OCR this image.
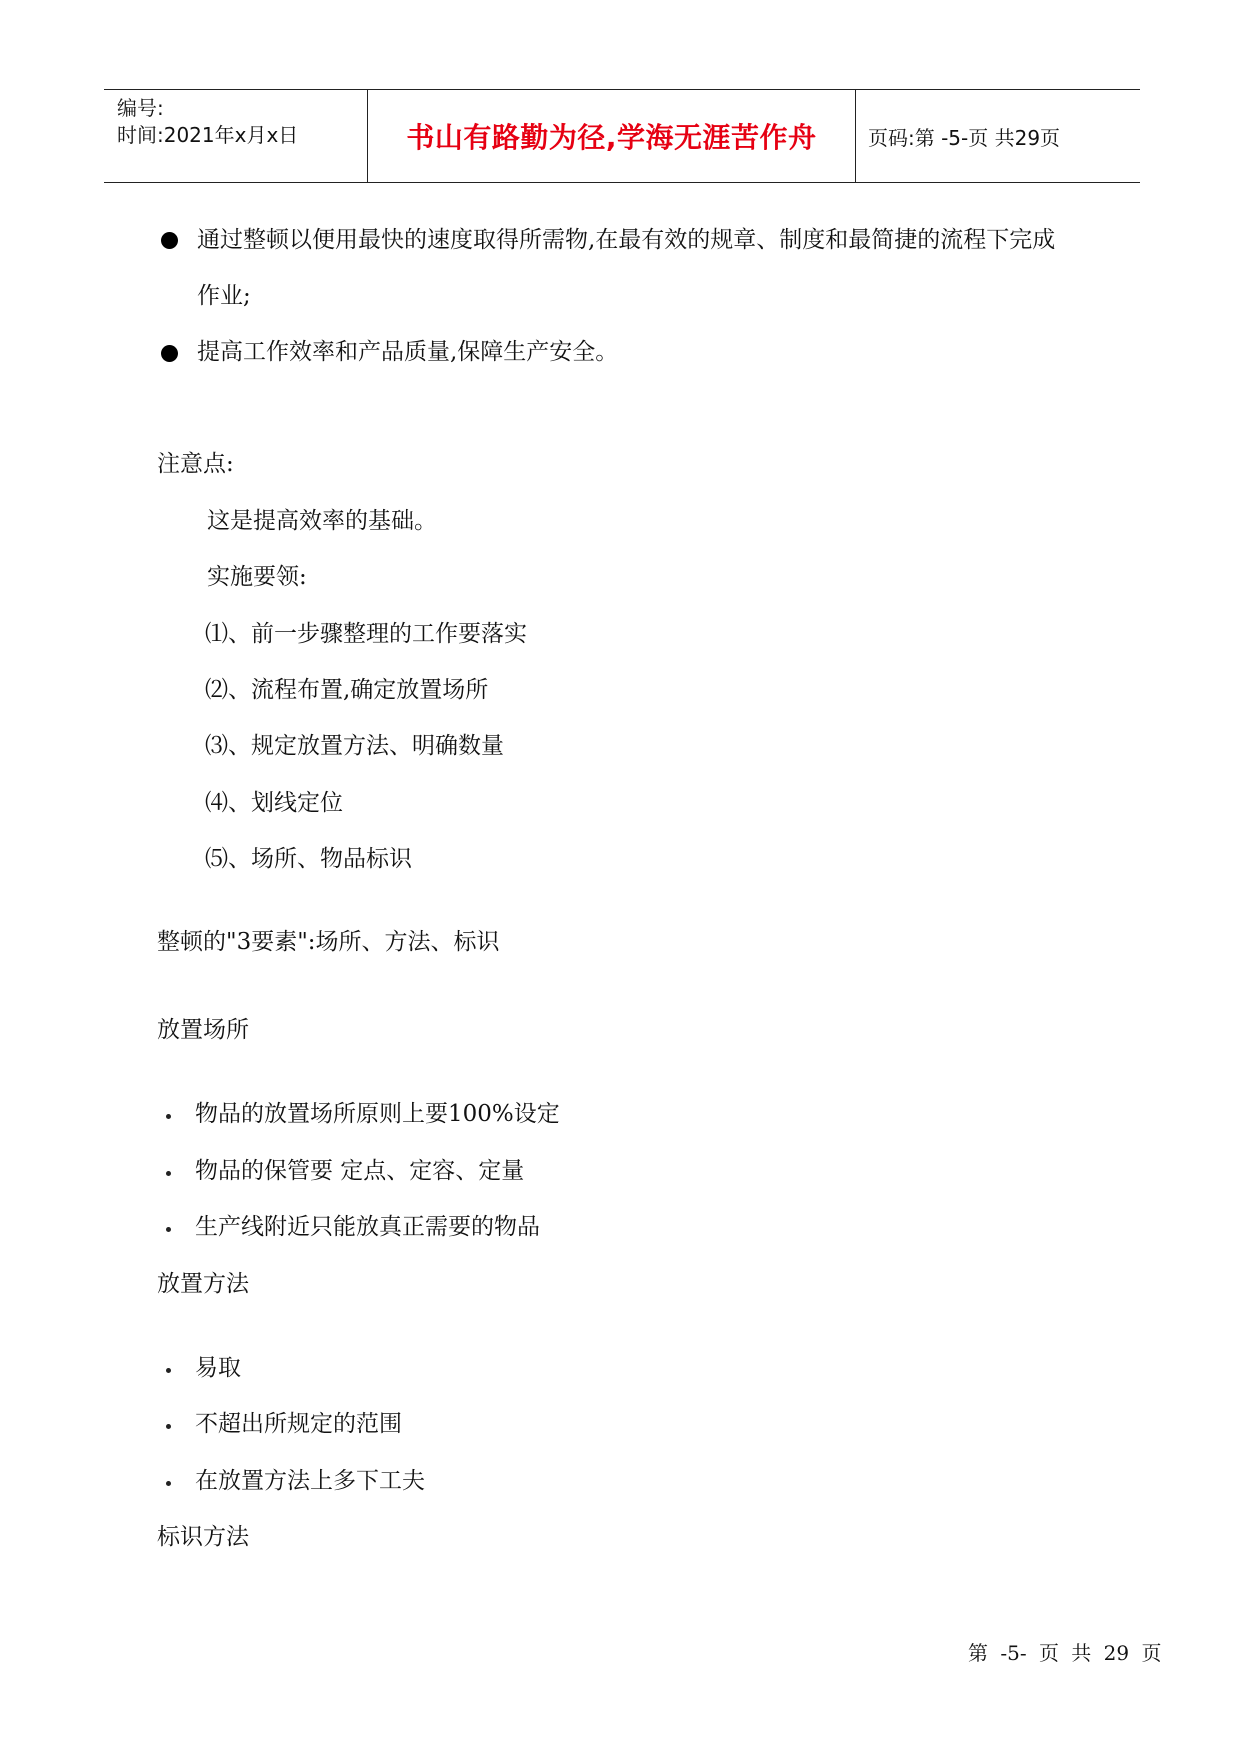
编号:
时间:2021年x月x日	书山有路勤为径,学海无涯苦作舟	页码:第 -5-页 共29页
通过整顿以便用最快的速度取得所需物,在最有效的规章、制度和最简捷的流程下完成
作业;
提高工作效率和产品质量,保障生产安全。
注意点:
这是提高效率的基础。
实施要领:
⑴、前一步骤整理的工作要落实
⑵、流程布置,确定放置场所
⑶、规定放置方法、明确数量
⑷、划线定位
⑸、场所、物品标识
整顿的"3要素":场所、方法、标识
放置场所
物品的放置场所原则上要100%设定
物品的保管要 定点、定容、定量
生产线附近只能放真正需要的物品
放置方法
易取
不超出所规定的范围
在放置方法上多下工夫
标识方法
第 -5- 页 共 29 页
